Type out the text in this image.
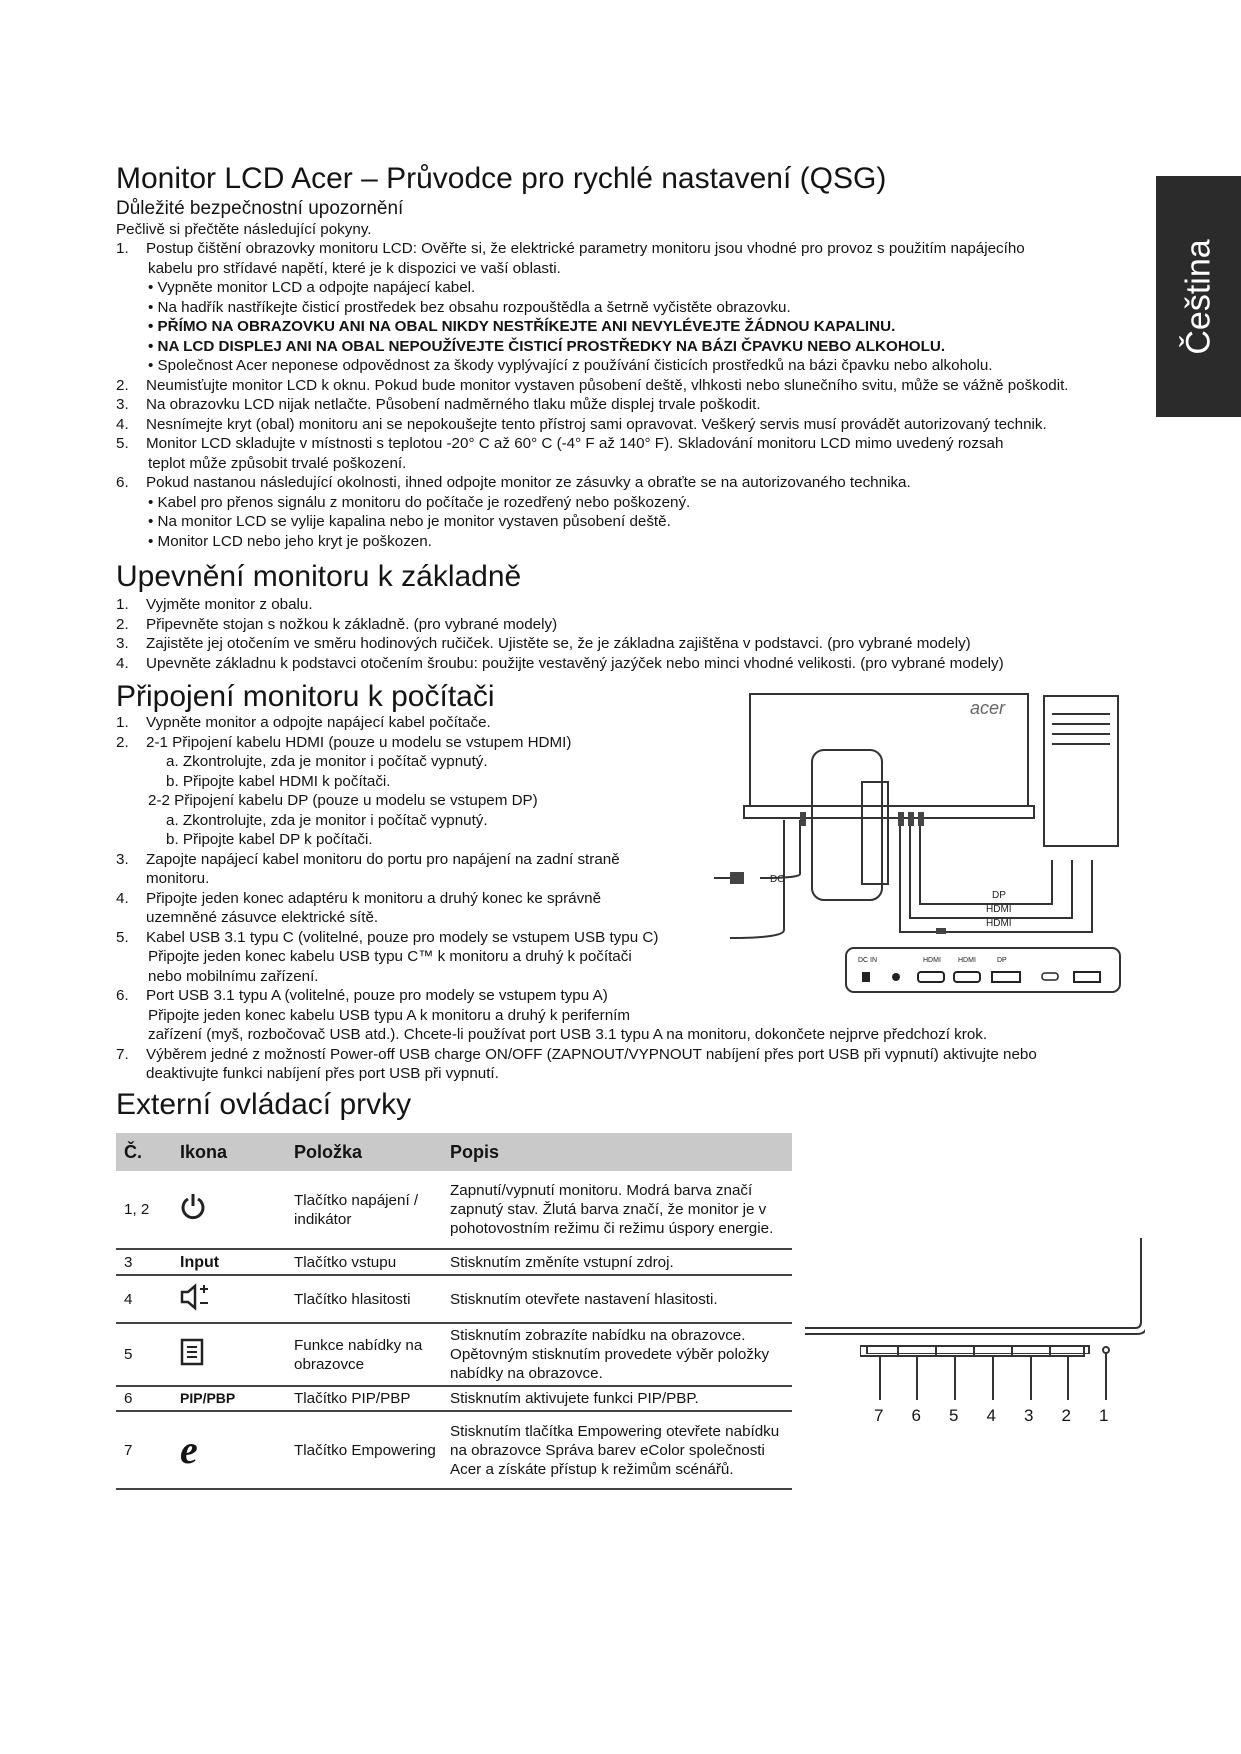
Čeština
Monitor LCD Acer – Průvodce pro rychlé nastavení (QSG)
Důležité bezpečnostní upozornění
Pečlivě si přečtěte následující pokyny.
1. Postup čištění obrazovky monitoru LCD: Ověřte si, že elektrické parametry monitoru jsou vhodné pro provoz s použitím napájecího
kabelu pro střídavé napětí, které je k dispozici ve vaší oblasti.
• Vypněte monitor LCD a odpojte napájecí kabel.
• Na hadřík nastříkejte čisticí prostředek bez obsahu rozpouštědla a šetrně vyčistěte obrazovku.
• PŘÍMO NA OBRAZOVKU ANI NA OBAL NIKDY NESTŘÍKEJTE ANI NEVYLÉVEJTE ŽÁDNOU KAPALINU.
• NA LCD DISPLEJ ANI NA OBAL NEPOUŽÍVEJTE ČISTICÍ PROSTŘEDKY NA BÁZI ČPAVKU NEBO ALKOHOLU.
• Společnost Acer neponese odpovědnost za škody vyplývající z používání čisticích prostředků na bázi čpavku nebo alkoholu.
2. Neumisťujte monitor LCD k oknu. Pokud bude monitor vystaven působení deště, vlhkosti nebo slunečního svitu, může se vážně poškodit.
3. Na obrazovku LCD nijak netlačte. Působení nadměrného tlaku může displej trvale poškodit.
4. Nesnímejte kryt (obal) monitoru ani se nepokoušejte tento přístroj sami opravovat. Veškerý servis musí provádět autorizovaný technik.
5. Monitor LCD skladujte v místnosti s teplotou -20° C až 60° C (-4° F až 140° F). Skladování monitoru LCD mimo uvedený rozsah
teplot může způsobit trvalé poškození.
6. Pokud nastanou následující okolnosti, ihned odpojte monitor ze zásuvky a obraťte se na autorizovaného technika.
• Kabel pro přenos signálu z monitoru do počítače je rozedřený nebo poškozený.
• Na monitor LCD se vylije kapalina nebo je monitor vystaven působení deště.
• Monitor LCD nebo jeho kryt je poškozen.
Upevnění monitoru k základně
1. Vyjměte monitor z obalu.
2. Připevněte stojan s nožkou k základně. (pro vybrané modely)
3. Zajistěte jej otočením ve směru hodinových ručiček. Ujistěte se, že je základna zajištěna v podstavci. (pro vybrané modely)
4. Upevněte základnu k podstavci otočením šroubu: použijte vestavěný jazýček nebo minci vhodné velikosti. (pro vybrané modely)
Připojení monitoru k počítači
1. Vypněte monitor a odpojte napájecí kabel počítače.
2. 2-1 Připojení kabelu HDMI (pouze u modelu se vstupem HDMI)
a. Zkontrolujte, zda je monitor i počítač vypnutý.
b. Připojte kabel HDMI k počítači.
2-2 Připojení kabelu DP (pouze u modelu se vstupem DP)
a. Zkontrolujte, zda je monitor i počítač vypnutý.
b. Připojte kabel DP k počítači.
3. Zapojte napájecí kabel monitoru do portu pro napájení na zadní straně
monitoru.
4. Připojte jeden konec adaptéru k monitoru a druhý konec ke správně
uzemněné zásuvce elektrické sítě.
5. Kabel USB 3.1 typu C (volitelné, pouze pro modely se vstupem USB typu C)
Připojte jeden konec kabelu USB typu C™ k monitoru a druhý k počítači
nebo mobilnímu zařízení.
6. Port USB 3.1 typu A (volitelné, pouze pro modely se vstupem typu A)
Připojte jeden konec kabelu USB typu A k monitoru a druhý k periferním
zařízení (myš, rozbočovač USB atd.). Chcete-li používat port USB 3.1 typu A na monitoru, dokončete nejprve předchozí krok.
7. Výběrem jedné z možností Power-off USB charge ON/OFF (ZAPNOUT/VYPNOUT nabíjení přes port USB při vypnutí) aktivujte nebo
deaktivujte funkci nabíjení přes port USB při vypnutí.
acer
DC
DP
HDMI
HDMI
DC IN	HDMI HDMI	DP
Externí ovládací prvky
Č.	Ikona	Položka	Popis
1, 2		Tlačítko napájení / indikátor	Zapnutí/vypnutí monitoru. Modrá barva značí zapnutý stav. Žlutá barva značí, že monitor je v pohotovostním režimu či režimu úspory energie.
3	Input	Tlačítko vstupu	Stisknutím změníte vstupní zdroj.
4		Tlačítko hlasitosti	Stisknutím otevřete nastavení hlasitosti.
5		Funkce nabídky na obrazovce	Stisknutím zobrazíte nabídku na obrazovce. Opětovným stisknutím provedete výběr položky nabídky na obrazovce.
6	PIP/PBP	Tlačítko PIP/PBP	Stisknutím aktivujete funkci PIP/PBP.
7	e	Tlačítko Empowering	Stisknutím tlačítka Empowering otevřete nabídku na obrazovce Správa barev eColor společnosti Acer a získáte přístup k režimům scénářů.
7 6 5 4 3 2 1
